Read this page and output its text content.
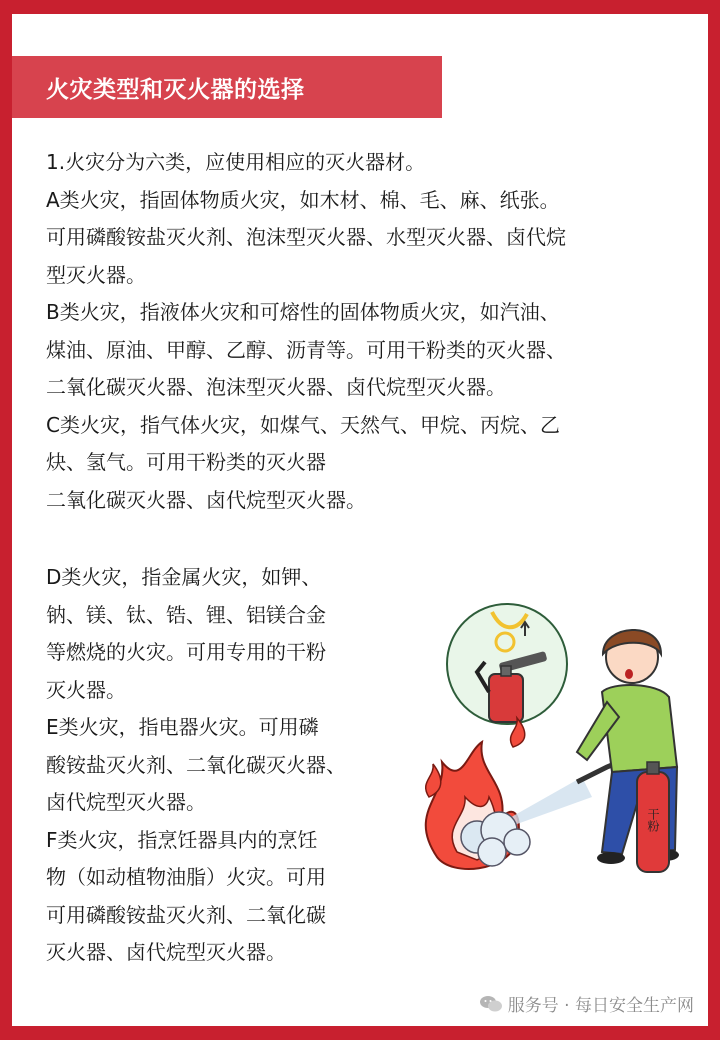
火灾类型和灭火器的选择
1.火灾分为六类，应使用相应的灭火器材。
A类火灾，指固体物质火灾，如木材、棉、毛、麻、纸张。
可用磷酸铵盐灭火剂、泡沫型灭火器、水型灭火器、卤代烷
型灭火器。
B类火灾，指液体火灾和可熔性的固体物质火灾，如汽油、
煤油、原油、甲醇、乙醇、沥青等。可用干粉类的灭火器、
二氧化碳灭火器、泡沫型灭火器、卤代烷型灭火器。
C类火灾，指气体火灾，如煤气、天然气、甲烷、丙烷、乙
炔、氢气。可用干粉类的灭火器
二氧化碳灭火器、卤代烷型灭火器。
D类火灾，指金属火灾，如钾、
钠、镁、钛、锆、锂、铝镁合金
等燃烧的火灾。可用专用的干粉
灭火器。
E类火灾，指电器火灾。可用磷
酸铵盐灭火剂、二氧化碳灭火器、
卤代烷型灭火器。
F类火灾，指烹饪器具内的烹饪
物（如动植物油脂）火灾。可用
可用磷酸铵盐灭火剂、二氧化碳
灭火器、卤代烷型灭火器。
干粉
服务号 · 每日安全生产网
